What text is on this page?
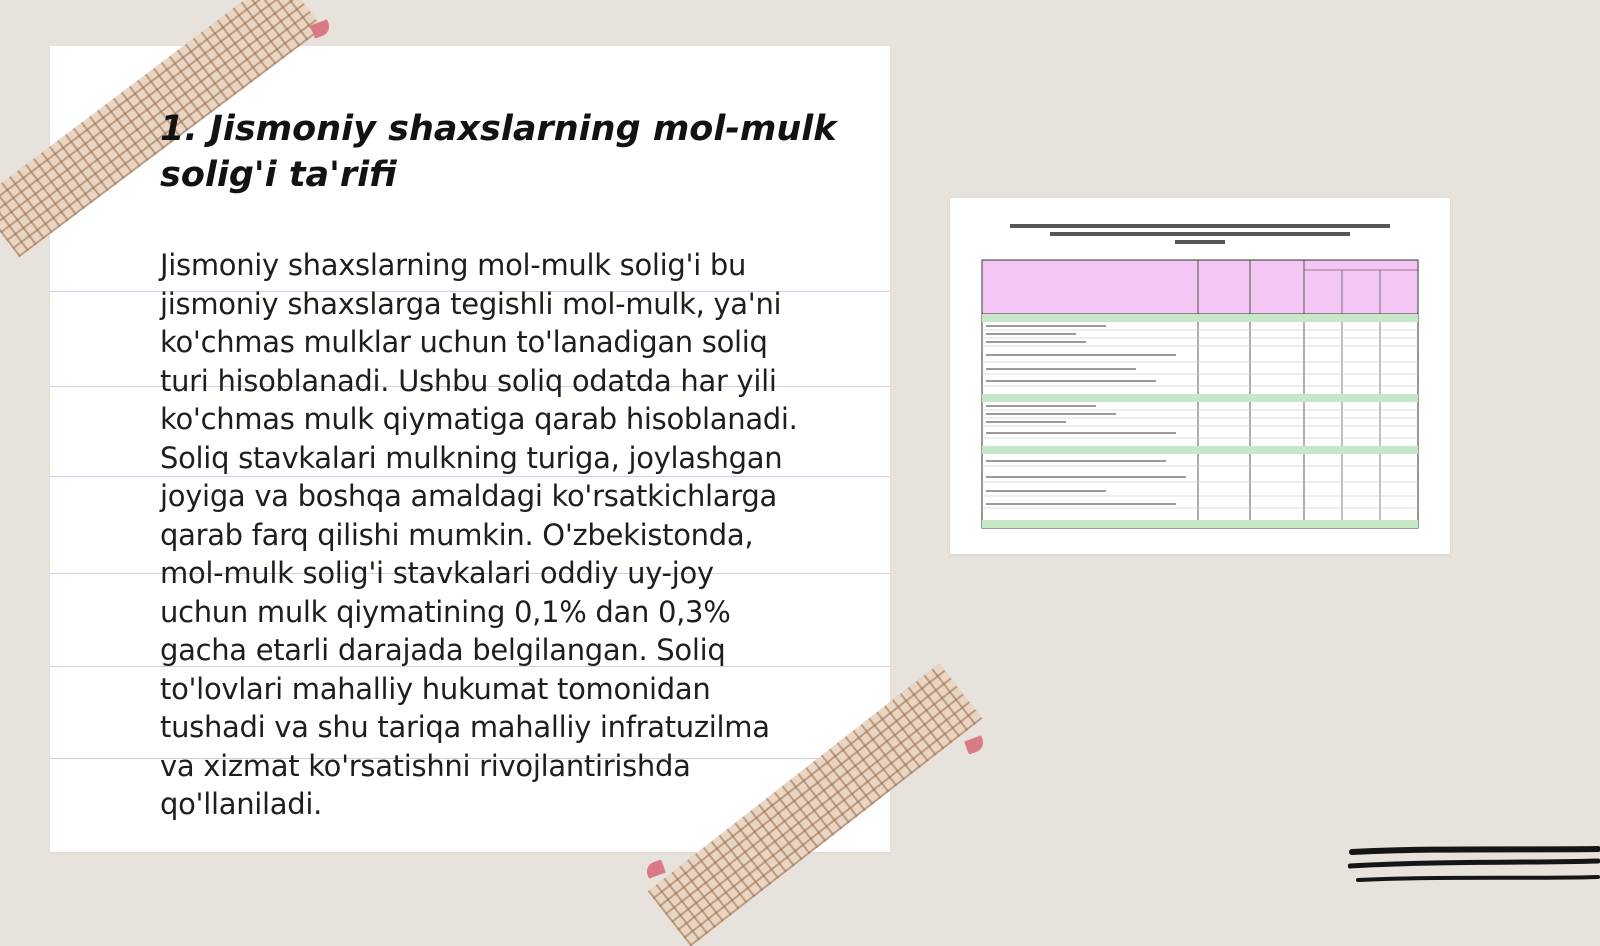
1. Jismoniy shaxslarning mol-mulk solig'i ta'rifi
Jismoniy shaxslarning mol-mulk solig'i bu
jismoniy shaxslarga tegishli mol-mulk, ya'ni
ko'chmas mulklar uchun to'lanadigan soliq
turi hisoblanadi. Ushbu soliq odatda har yili
ko'chmas mulk qiymatiga qarab hisoblanadi.
Soliq stavkalari mulkning turiga, joylashgan
joyiga va boshqa amaldagi ko'rsatkichlarga
qarab farq qilishi mumkin. O'zbekistonda,
mol-mulk solig'i stavkalari oddiy uy-joy
uchun mulk qiymatining 0,1% dan 0,3%
gacha etarli darajada belgilangan. Soliq
to'lovlari mahalliy hukumat tomonidan
tushadi va shu tariqa mahalliy infratuzilma
va xizmat ko'rsatishni rivojlantirishda
qo'llaniladi.
